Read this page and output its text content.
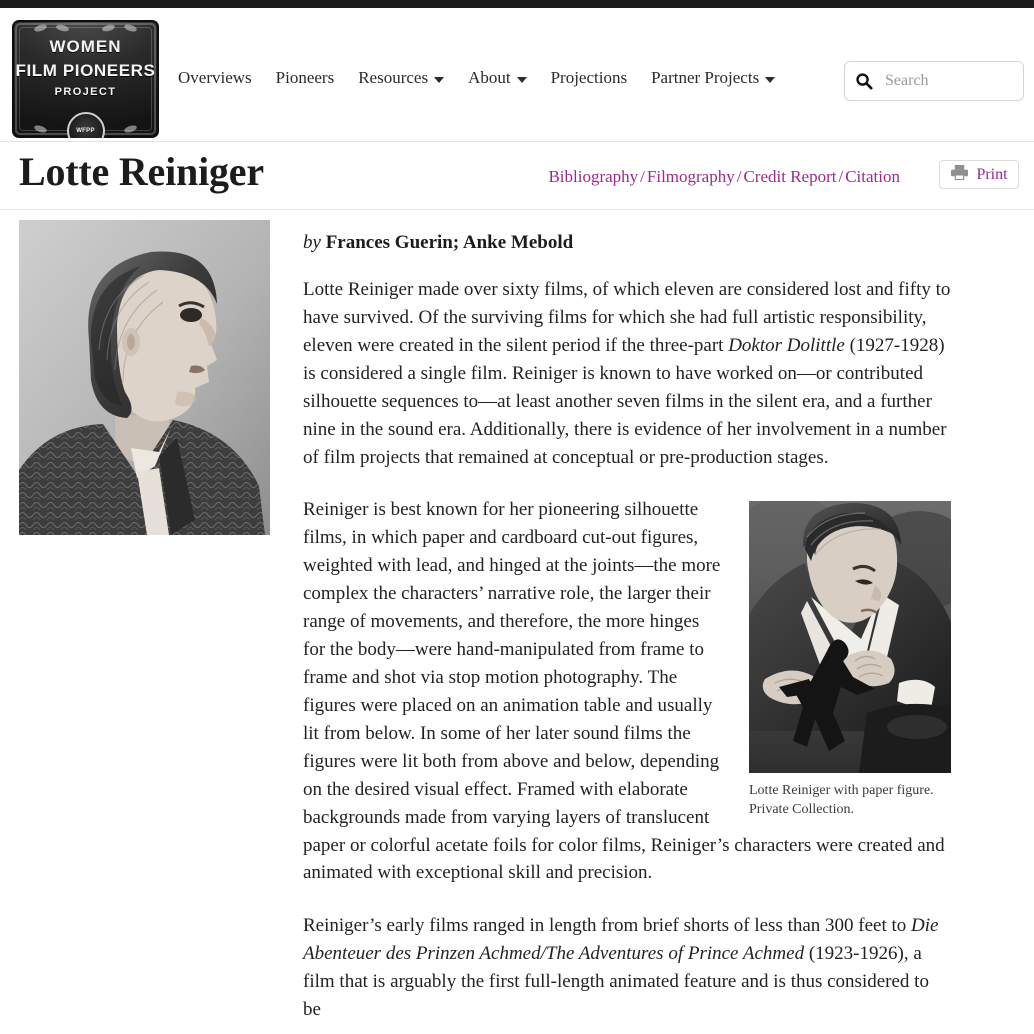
WOMEN
FILM PIONEERS
PROJECT
WFPP
Overviews Pioneers Resources About Projections Partner Projects
Search
Lotte Reiniger	Bibliography / Filmography / Credit Report / Citation	Print

by Frances Guerin; Anke Mebold

Lotte Reiniger made over sixty films, of which eleven are considered lost and fifty to have survived. Of the surviving films for which she had full artistic responsibility, eleven were created in the silent period if the three-part Doktor Dolittle (1927-1928) is considered a single film. Reiniger is known to have worked on—or contributed silhouette sequences to—at least another seven films in the silent era, and a further nine in the sound era. Additionally, there is evidence of her involvement in a number of film projects that remained at conceptual or pre-production stages.

Lotte Reiniger with paper figure.
Private Collection.

Reiniger is best known for her pioneering silhouette films, in which paper and cardboard cut-out figures, weighted with lead, and hinged at the joints—the more complex the characters’ narrative role, the larger their range of movements, and therefore, the more hinges for the body—were hand-manipulated from frame to frame and shot via stop motion photography. The figures were placed on an animation table and usually lit from below. In some of her later sound films the figures were lit both from above and below, depending on the desired visual effect. Framed with elaborate backgrounds made from varying layers of translucent paper or colorful acetate foils for color films, Reiniger’s characters were created and animated with exceptional skill and precision.

Reiniger’s early films ranged in length from brief shorts of less than 300 feet to Die Abenteuer des Prinzen Achmed/The Adventures of Prince Achmed (1923-1926), a film that is arguably the first full-length animated feature and is thus considered to be
